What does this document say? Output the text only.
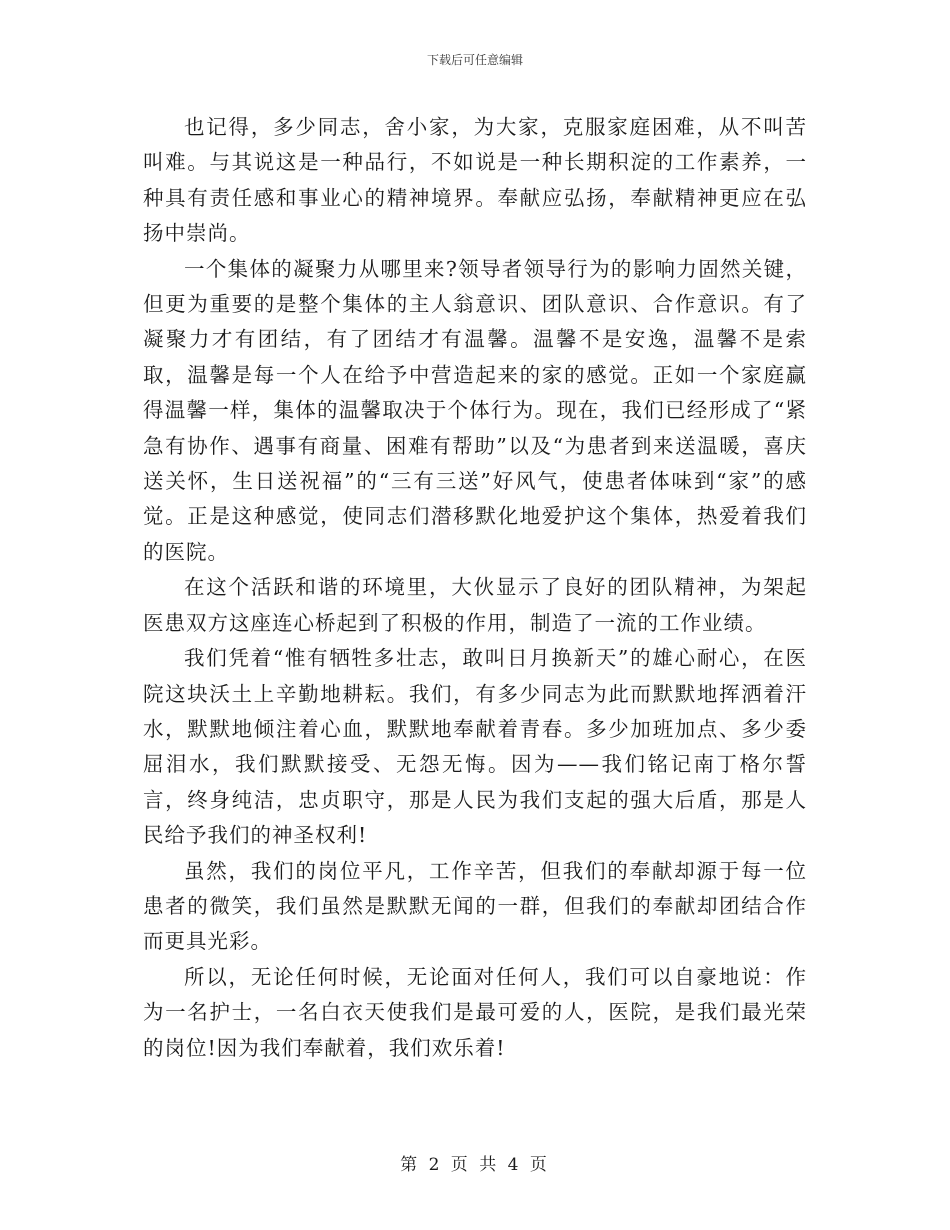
下载后可任意编辑

也记得，多少同志，舍小家，为大家，克服家庭困难，从不叫苦叫难。与其说这是一种品行，不如说是一种长期积淀的工作素养，一种具有责任感和事业心的精神境界。奉献应弘扬，奉献精神更应在弘扬中崇尚。

一个集体的凝聚力从哪里来?领导者领导行为的影响力固然关键，但更为重要的是整个集体的主人翁意识、团队意识、合作意识。有了凝聚力才有团结，有了团结才有温馨。温馨不是安逸，温馨不是索取，温馨是每一个人在给予中营造起来的家的感觉。正如一个家庭赢得温馨一样，集体的温馨取决于个体行为。现在，我们已经形成了“紧急有协作、遇事有商量、困难有帮助”以及“为患者到来送温暖，喜庆送关怀，生日送祝福”的“三有三送”好风气，使患者体味到“家”的感觉。正是这种感觉，使同志们潜移默化地爱护这个集体，热爱着我们的医院。

在这个活跃和谐的环境里，大伙显示了良好的团队精神，为架起医患双方这座连心桥起到了积极的作用，制造了一流的工作业绩。

我们凭着“惟有牺牲多壮志，敢叫日月换新天”的雄心耐心，在医院这块沃土上辛勤地耕耘。我们，有多少同志为此而默默地挥洒着汗水，默默地倾注着心血，默默地奉献着青春。多少加班加点、多少委屈泪水，我们默默接受、无怨无悔。因为——我们铭记南丁格尔誓言，终身纯洁，忠贞职守，那是人民为我们支起的强大后盾，那是人民给予我们的神圣权利!

虽然，我们的岗位平凡，工作辛苦，但我们的奉献却源于每一位患者的微笑，我们虽然是默默无闻的一群，但我们的奉献却团结合作而更具光彩。

所以，无论任何时候，无论面对任何人，我们可以自豪地说：作为一名护士，一名白衣天使我们是最可爱的人，医院，是我们最光荣的岗位!因为我们奉献着，我们欢乐着!

第 2 页 共 4 页
